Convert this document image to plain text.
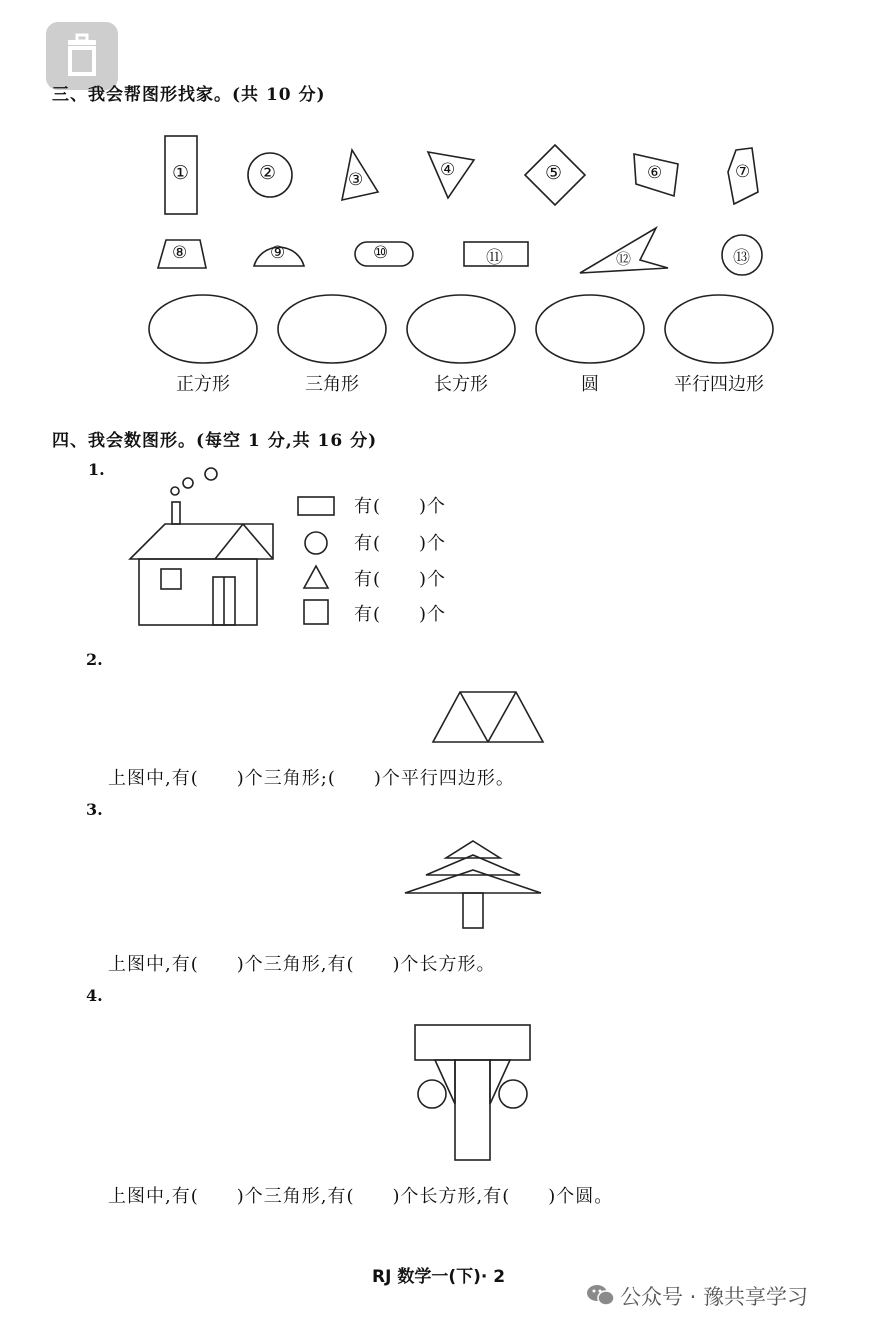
三、我会帮图形找家。(共 10 分)
①	②	③	④	⑤	⑥	⑦
⑧	⑨	⑩	⑪	⑫	⑬
正方形	三角形	长方形	圆	平行四边形
四、我会数图形。(每空 1 分,共 16 分)
1.
有(　　)个
有(　　)个
有(　　)个
有(　　)个
2.
上图中,有(　　)个三角形;(　　)个平行四边形。
3.
上图中,有(　　)个三角形,有(　　)个长方形。
4.
上图中,有(　　)个三角形,有(　　)个长方形,有(　　)个圆。
RJ 数学一(下)· 2
公众号 · 豫共享学习
